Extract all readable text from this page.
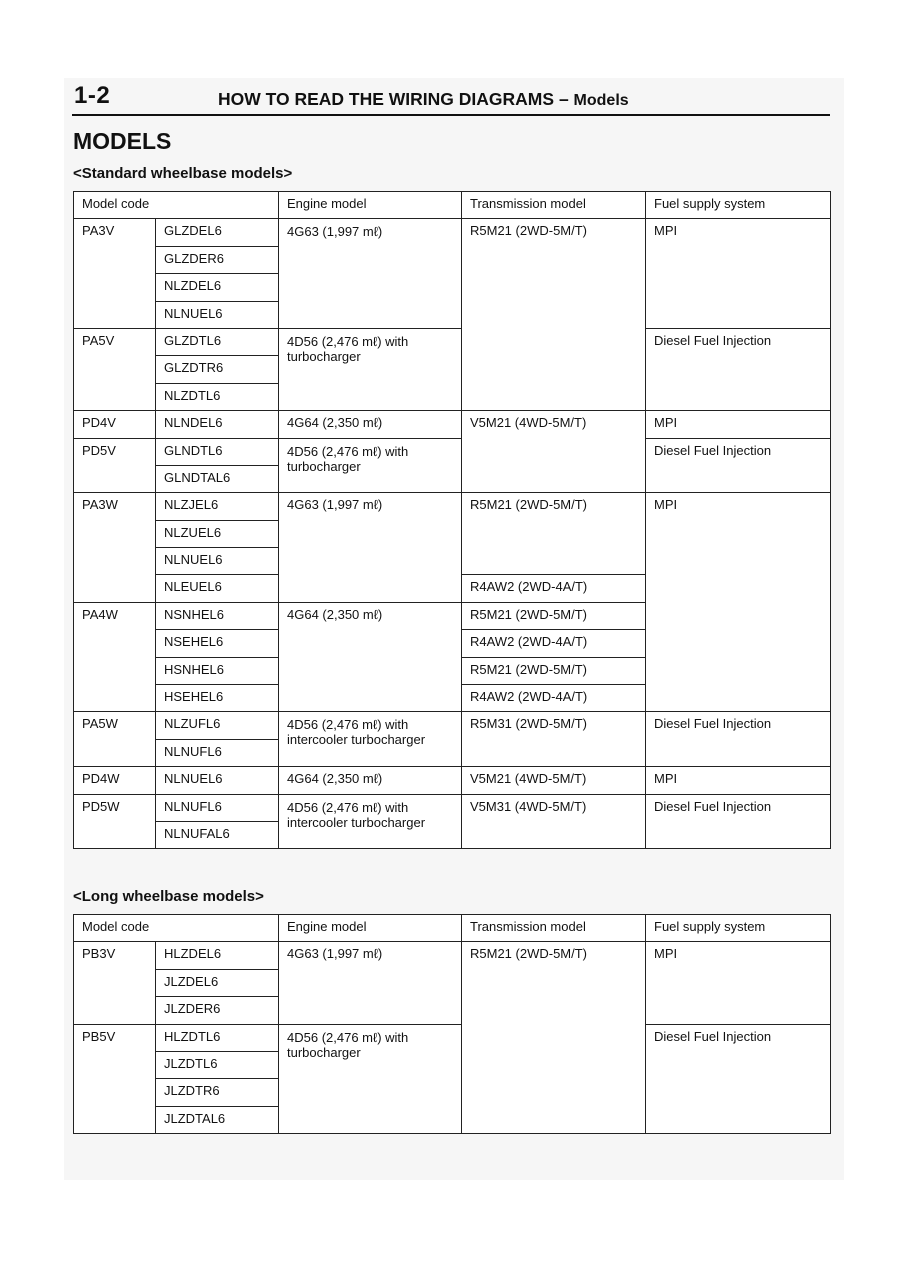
1-2	HOW TO READ THE WIRING DIAGRAMS – Models
MODELS
<Standard wheelbase models>
Model code		Engine model	Transmission model	Fuel supply system
PA3V	GLZDEL6	4G63 (1,997 mℓ)	R5M21 (2WD-5M/T)	MPI
	GLZDER6			
	NLZDEL6			
	NLNUEL6			
PA5V	GLZDTL6	4D56 (2,476 mℓ) with turbocharger		Diesel Fuel Injection
	GLZDTR6			
	NLZDTL6			
PD4V	NLNDEL6	4G64 (2,350 mℓ)	V5M21 (4WD-5M/T)	MPI
PD5V	GLNDTL6	4D56 (2,476 mℓ) with turbocharger		Diesel Fuel Injection
	GLNDTAL6			
PA3W	NLZJEL6	4G63 (1,997 mℓ)	R5M21 (2WD-5M/T)	MPI
	NLZUEL6			
	NLNUEL6			
	NLEUEL6		R4AW2 (2WD-4A/T)	
PA4W	NSNHEL6	4G64 (2,350 mℓ)	R5M21 (2WD-5M/T)	
	NSEHEL6		R4AW2 (2WD-4A/T)	
	HSNHEL6		R5M21 (2WD-5M/T)	
	HSEHEL6		R4AW2 (2WD-4A/T)	
PA5W	NLZUFL6	4D56 (2,476 mℓ) with intercooler turbocharger	R5M31 (2WD-5M/T)	Diesel Fuel Injection
	NLNUFL6			
PD4W	NLNUEL6	4G64 (2,350 mℓ)	V5M21 (4WD-5M/T)	MPI
PD5W	NLNUFL6	4D56 (2,476 mℓ) with intercooler turbocharger	V5M31 (4WD-5M/T)	Diesel Fuel Injection
	NLNUFAL6			
<Long wheelbase models>
Model code		Engine model	Transmission model	Fuel supply system
PB3V	HLZDEL6	4G63 (1,997 mℓ)	R5M21 (2WD-5M/T)	MPI
	JLZDEL6			
	JLZDER6			
PB5V	HLZDTL6	4D56 (2,476 mℓ) with turbocharger		Diesel Fuel Injection
	JLZDTL6			
	JLZDTR6			
	JLZDTAL6			
